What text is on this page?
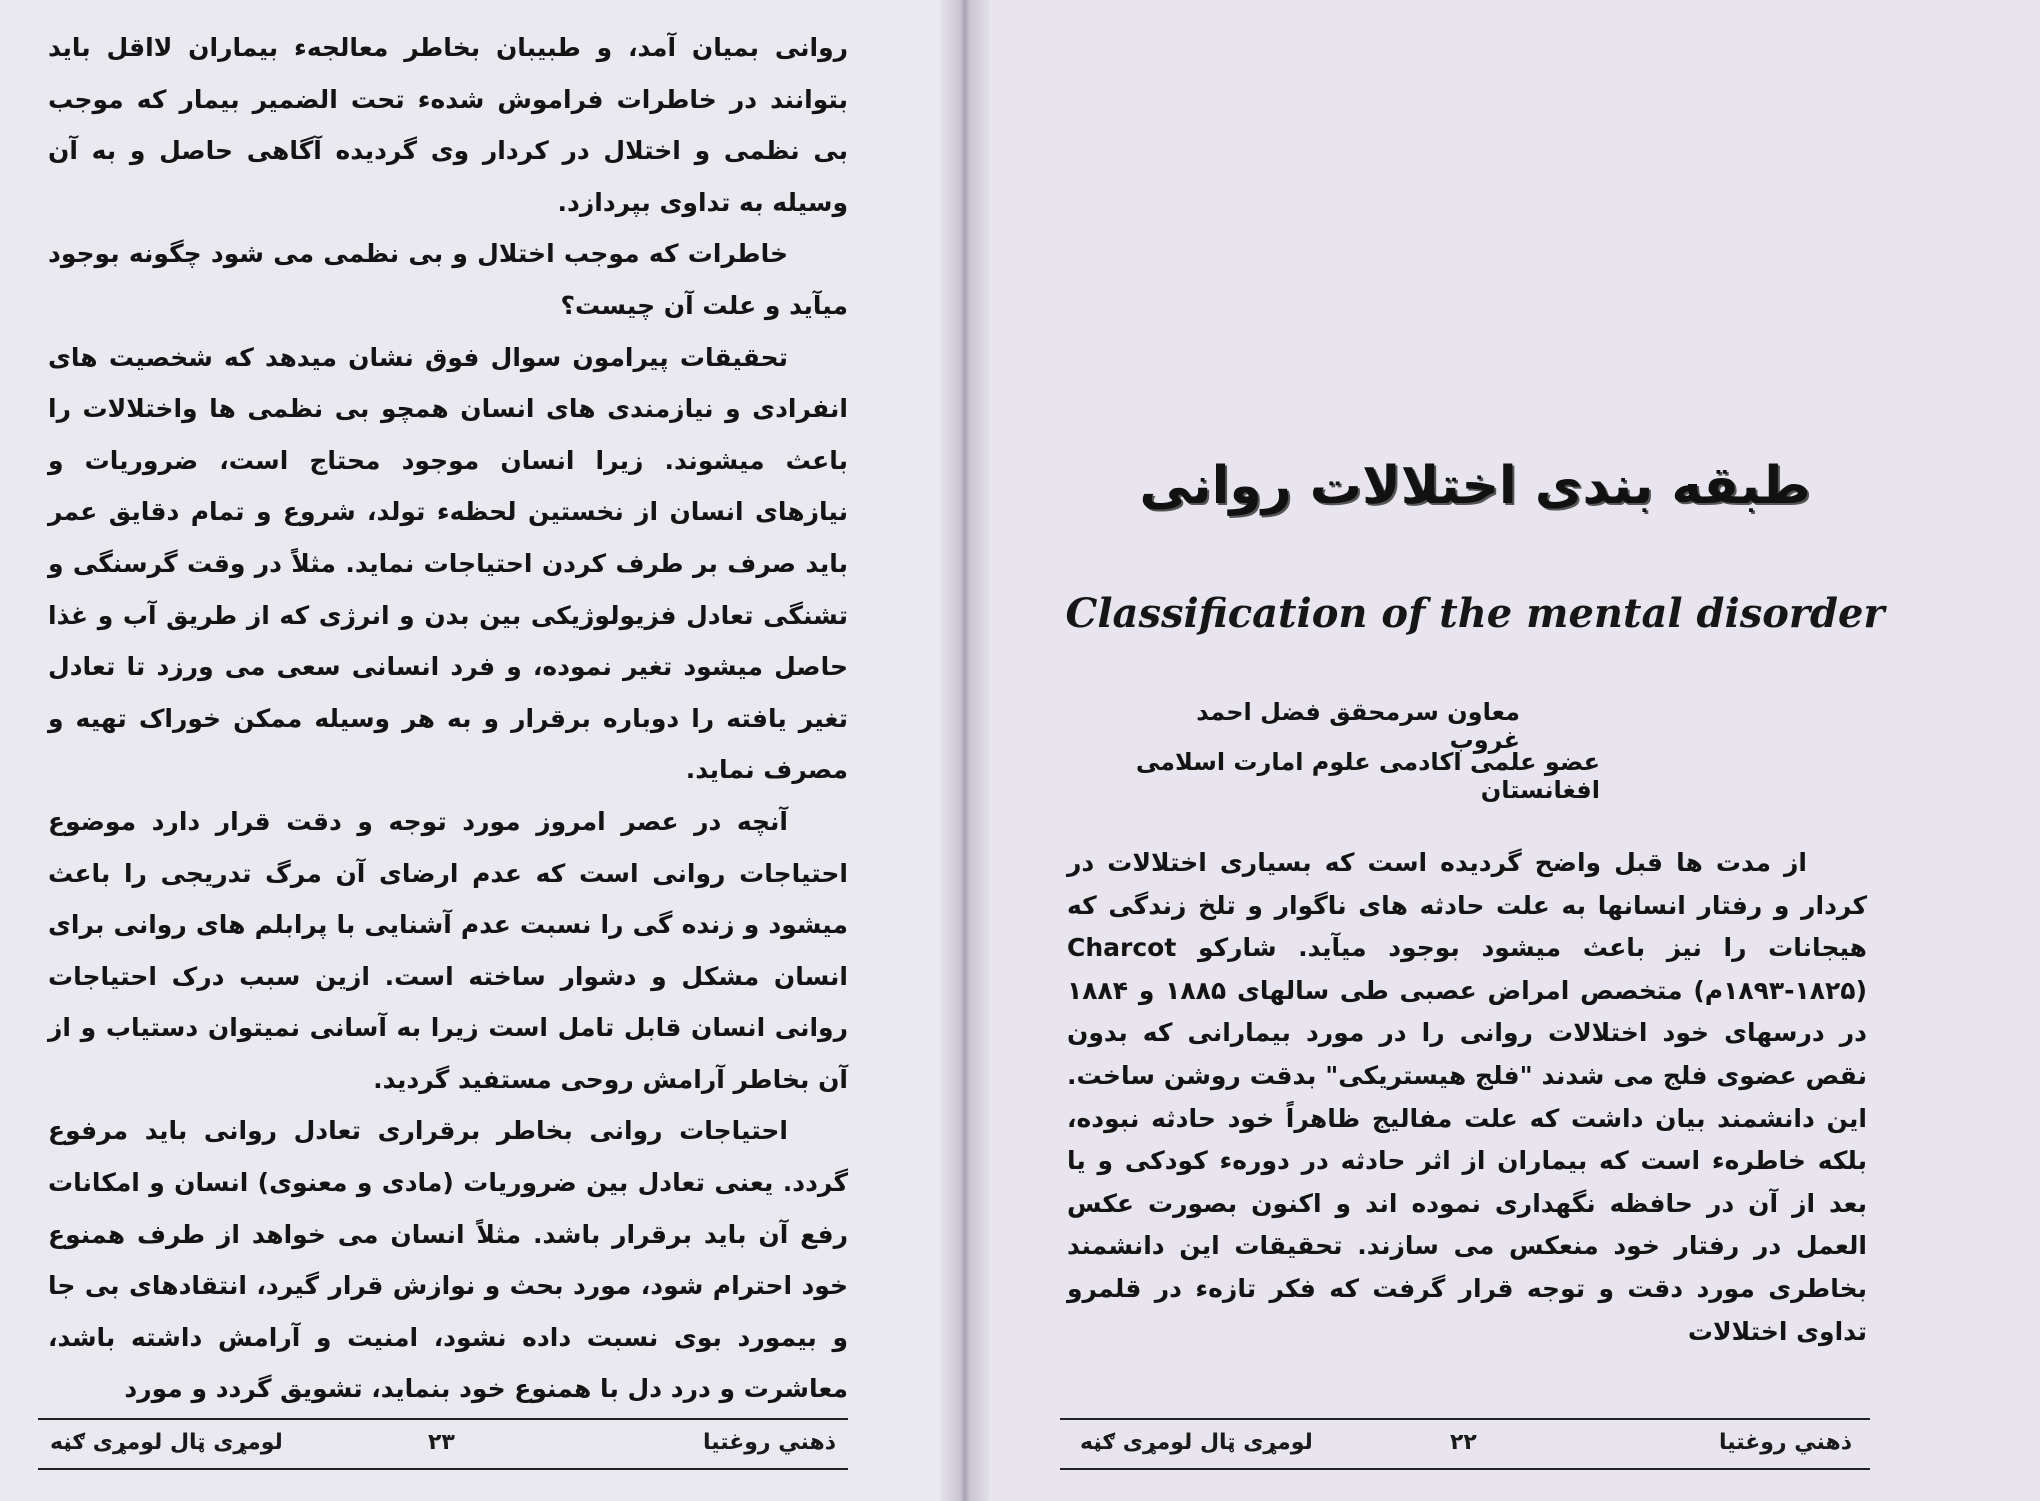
روانی بمیان آمد، و طبیبان بخاطر معالجهء بیماران لااقل باید بتوانند در خاطرات فراموش شدهء تحت الضمیر بیمار که موجب بی نظمی و اختلال در کردار وی گردیده آگاهی حاصل و به آن وسیله به تداوی بپردازد.

خاطرات که موجب اختلال و بی نظمی می شود چگونه بوجود میآید و علت آن چیست؟

تحقیقات پیرامون سوال فوق نشان میدهد که شخصیت های انفرادی و نیازمندی های انسان همچو بی نظمی ها واختلالات را باعث میشوند. زیرا انسان موجود محتاج است، ضروریات و نیازهای انسان از نخستین لحظهء تولد، شروع و تمام دقایق عمر باید صرف بر طرف کردن احتیاجات نماید. مثلاً در وقت گرسنگی و تشنگی تعادل فزیولوژیکی بین بدن و انرژی که از طریق آب و غذا حاصل میشود تغیر نموده، و فرد انسانی سعی می ورزد تا تعادل تغیر یافته را دوباره برقرار و به هر وسیله ممکن خوراک تهیه و مصرف نماید.

آنچه در عصر امروز مورد توجه و دقت قرار دارد موضوع احتیاجات روانی است که عدم ارضای آن مرگ تدریجی را باعث میشود و زنده گی را نسبت عدم آشنایی با پرابلم های روانی برای انسان مشکل و دشوار ساخته است. ازین سبب درک احتیاجات روانی انسان قابل تامل است زیرا به آسانی نمیتوان دستیاب و از آن بخاطر آرامش روحی مستفید گردید.

احتیاجات روانی بخاطر برقراری تعادل روانی باید مرفوع گردد. یعنی تعادل بین ضروریات (مادی و معنوی) انسان و امکانات رفع آن باید برقرار باشد. مثلاً انسان می خواهد از طرف همنوع خود احترام شود، مورد بحث و نوازش قرار گیرد، انتقادهای بی جا و بیمورد بوی نسبت داده نشود، امنیت و آرامش داشته باشد، معاشرت و درد دل با همنوع خود بنماید، تشویق گردد و مورد

لومړی ټال لومړی ګڼه	۲۳	ذهني روغتيا
طبقه بندی اختلالات روانی
Classification of the mental disorder
معاون سرمحقق فضل احمد غروب
عضو علمی اکادمی علوم امارت اسلامی افغانستان

از مدت ها قبل واضح گردیده است که بسیاری اختلالات در کردار و رفتار انسانها به علت حادثه های ناگوار و تلخ زندگی که هیجانات را نیز باعث میشود بوجود میآید. شارکو Charcot (۱۸۹۳-۱۸۲۵م) متخصص امراض عصبی طی سالهای ۱۸۸۵ و ۱۸۸۴ در درسهای خود اختلالات روانی را در مورد بیمارانی که بدون نقص عضوی فلج می شدند "فلج هیستریکی" بدقت روشن ساخت. این دانشمند بیان داشت که علت مفالیج ظاهراً خود حادثه نبوده، بلکه خاطرهء است که بیماران از اثر حادثه در دورهء کودکی و یا بعد از آن در حافظه نگهداری نموده اند و اکنون بصورت عکس العمل در رفتار خود منعکس می سازند. تحقیقات این دانشمند بخاطری مورد دقت و توجه قرار گرفت که فکر تازهء در قلمرو تداوی اختلالات

لومړی ټال لومړی ګڼه	۲۲	ذهني روغتيا
